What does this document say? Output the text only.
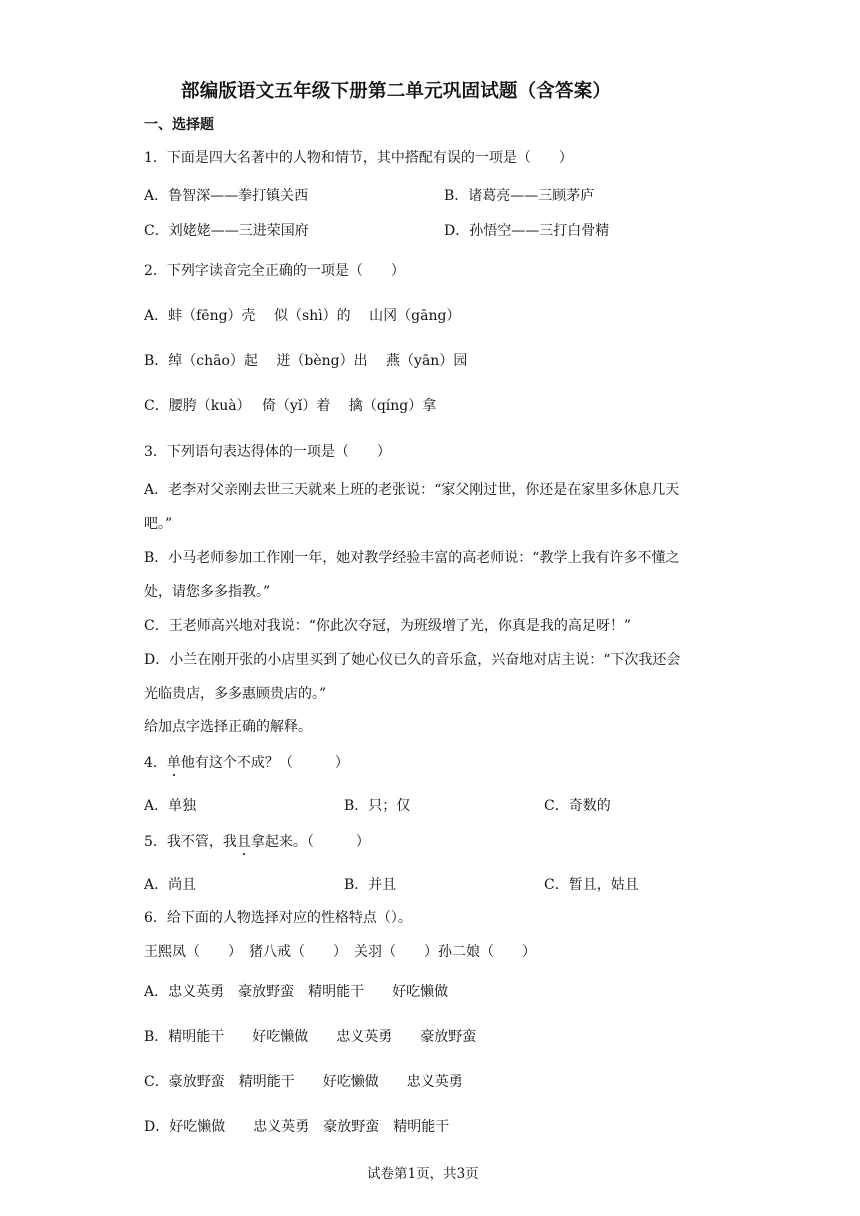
部编版语文五年级下册第二单元巩固试题（含答案）
一、选择题
1．下面是四大名著中的人物和情节，其中搭配有误的一项是（　　）
A．鲁智深——拳打镇关西	B．诸葛亮——三顾茅庐
C．刘姥姥——三进荣国府	D．孙悟空——三打白骨精
2．下列字读音完全正确的一项是（　　）
A．蚌（fēng）壳　 似（shì）的　 山冈（gāng）
B．绰（chāo）起　 迸（bèng）出　 燕（yān）园
C．腰胯（kuà）　 倚（yǐ）着　 擒（qíng）拿
3．下列语句表达得体的一项是（　　）
A．老李对父亲刚去世三天就来上班的老张说：“家父刚过世，你还是在家里多休息几天
吧。”
B．小马老师参加工作刚一年，她对教学经验丰富的高老师说：“教学上我有许多不懂之
处，请您多多指教。”
C．王老师高兴地对我说：“你此次夺冠，为班级增了光，你真是我的高足呀！”
D．小兰在刚开张的小店里买到了她心仪已久的音乐盒，兴奋地对店主说：“下次我还会
光临贵店，多多惠顾贵店的。”
给加点字选择正确的解释。
4．单他有这个不成？（　　　）
A．单独	B．只；仅	C．奇数的
5．我不管，我且拿起来。（　　　）
A．尚且	B．并且	C．暂且，姑且
6．给下面的人物选择对应的性格特点（）。
王熙凤（　　）　猪八戒（　　）　关羽（　　）孙二娘（　　）
A．忠义英勇　豪放野蛮　精明能干　　好吃懒做
B．精明能干　　好吃懒做　　忠义英勇　　豪放野蛮
C．豪放野蛮　精明能干　　好吃懒做　　忠义英勇
D．好吃懒做　　忠义英勇　豪放野蛮　精明能干
试卷第1页，共3页
